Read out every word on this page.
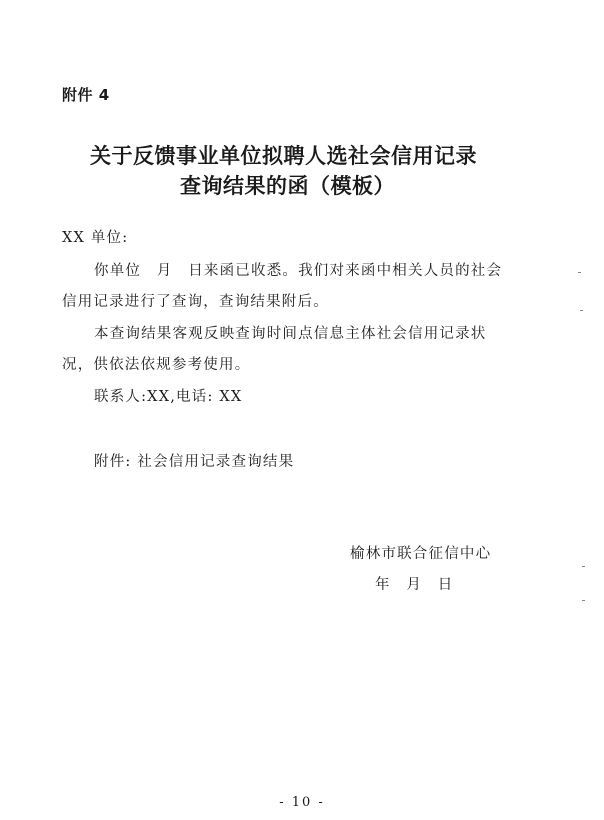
附件 4
关于反馈事业单位拟聘人选社会信用记录
查询结果的函（模板）
XX 单位:
你单位　月　日来函已收悉。我们对来函中相关人员的社会
信用记录进行了查询，查询结果附后。
本查询结果客观反映查询时间点信息主体社会信用记录状
况，供依法依规参考使用。
联系人:XX,电话: XX
附件: 社会信用记录查询结果
榆林市联合征信中心
年　月　日
- 10 -
